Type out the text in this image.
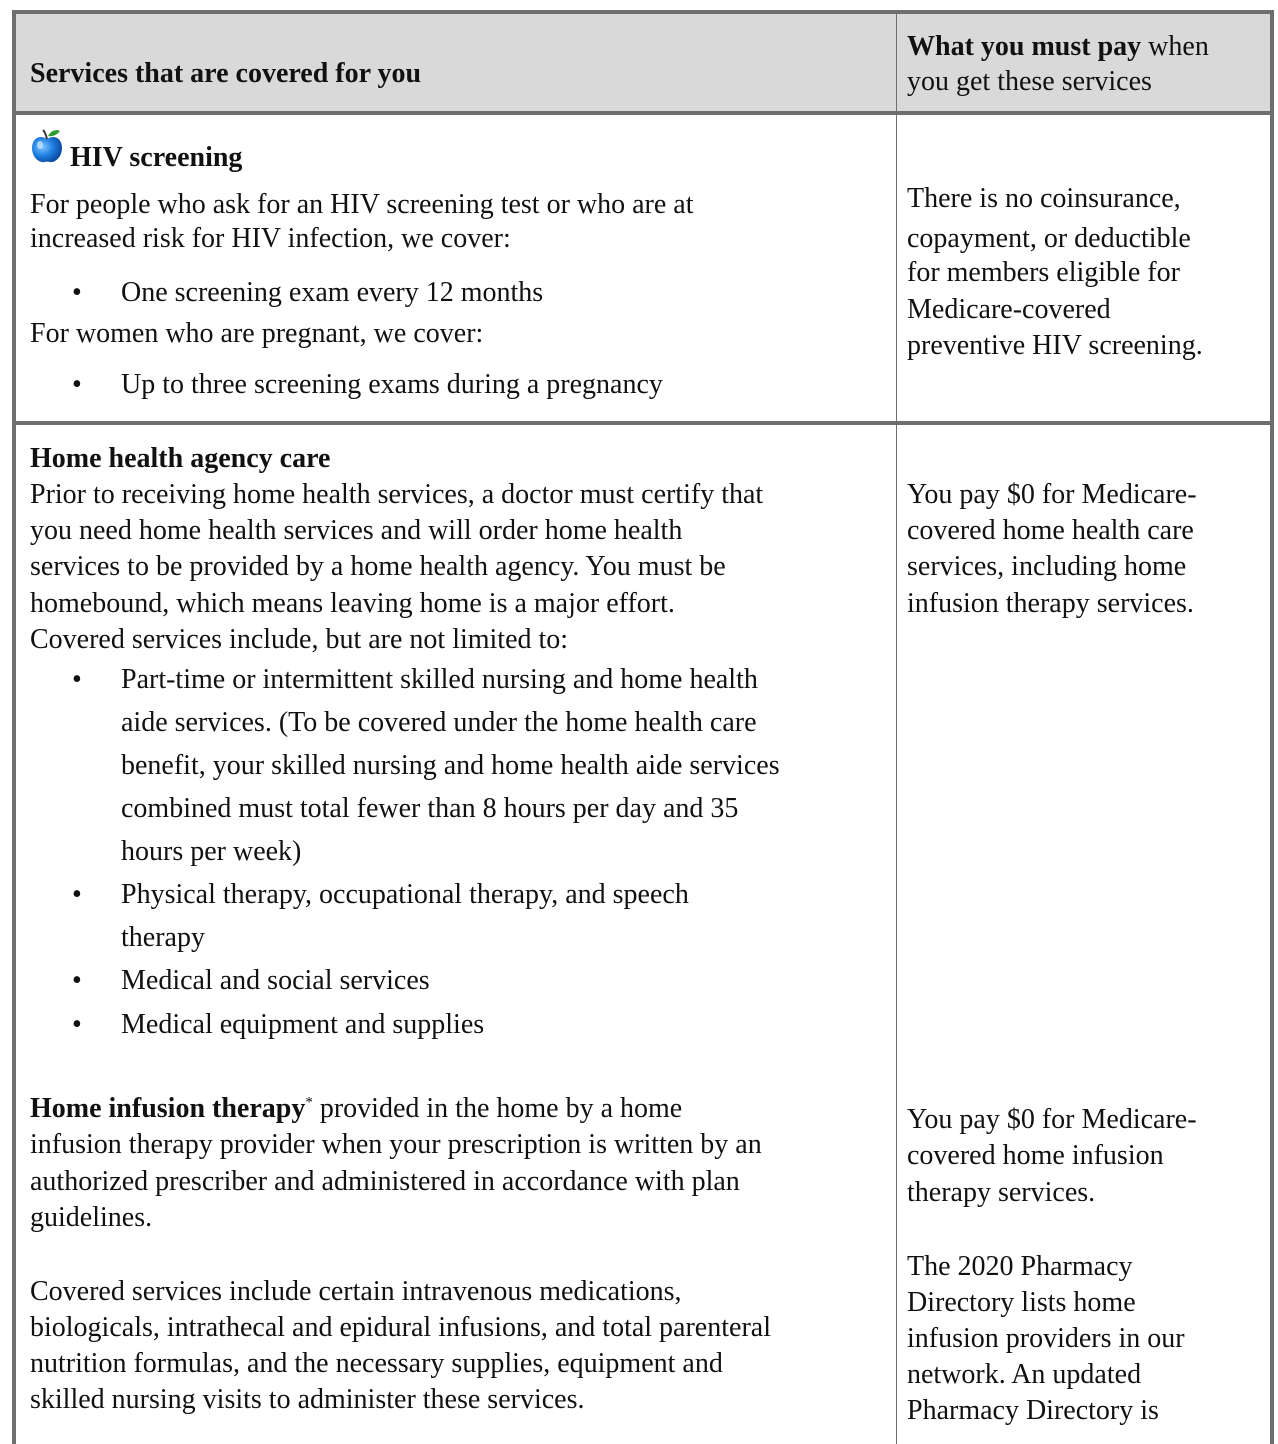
Services that are covered for you
What you must pay when
you get these services
HIV screening
For people who ask for an HIV screening test or who are at
increased risk for HIV infection, we cover:
• One screening exam every 12 months
For women who are pregnant, we cover:
• Up to three screening exams during a pregnancy
There is no coinsurance,
copayment, or deductible
for members eligible for
Medicare-covered
preventive HIV screening.
Home health agency care
Prior to receiving home health services, a doctor must certify that
you need home health services and will order home health
services to be provided by a home health agency. You must be
homebound, which means leaving home is a major effort.
Covered services include, but are not limited to:
• Part-time or intermittent skilled nursing and home health
aide services. (To be covered under the home health care
benefit, your skilled nursing and home health aide services
combined must total fewer than 8 hours per day and 35
hours per week)
• Physical therapy, occupational therapy, and speech
therapy
• Medical and social services
• Medical equipment and supplies
You pay $0 for Medicare-
covered home health care
services, including home
infusion therapy services.
Home infusion therapy* provided in the home by a home
infusion therapy provider when your prescription is written by an
authorized prescriber and administered in accordance with plan
guidelines.
Covered services include certain intravenous medications,
biologicals, intrathecal and epidural infusions, and total parenteral
nutrition formulas, and the necessary supplies, equipment and
skilled nursing visits to administer these services.
You pay $0 for Medicare-
covered home infusion
therapy services.
The 2020 Pharmacy
Directory lists home
infusion providers in our
network. An updated
Pharmacy Directory is
